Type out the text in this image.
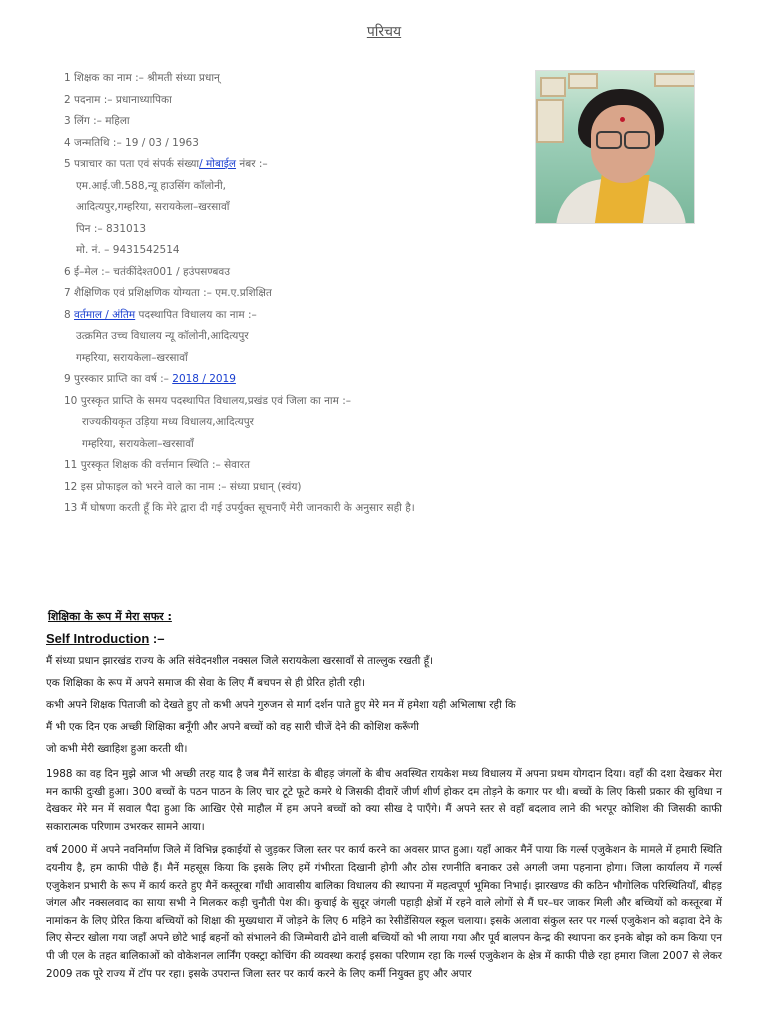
परिचय
1 शिक्षक का नाम :– श्रीमती संध्या प्रधान्
2 पदनाम :– प्रधानाध्यापिका
3 लिंग :– महिला
4 जन्मतिथि :– 19 / 03 / 1963
5 पत्राचार का पता एवं संपर्क संख्या/ मोबाईल नंबर :–
एम.आई.जी.588,न्यू हाउसिंग कॉलोनी,
आदित्यपुर,गम्हरिया, सरायकेला–खरसावाँ
पिन :– 831013
मो. नं. – 9431542514
6 ई–मेल :– चतंकींदेश्त001 / हउंपसण्बवउ
7 शैक्षिणिक एवं प्रशिक्षणिक योग्यता :– एम.ए.प्रशिक्षित
8 वर्तमाल / अंतिम पदस्थापित विधालय का नाम :–
उत्क्रमित उच्च विधालय न्यू कॉलोनी,आदित्यपुर
गम्हरिया, सरायकेला–खरसावाँ
9 पुरस्कार प्राप्ति का वर्ष :– 2018 / 2019
10 पुरस्कृत प्राप्ति के समय पदस्थापित विधालय,प्रखंड एवं जिला का नाम :–
राज्यकीयकृत उड़िया मध्य विधालय,आदित्यपुर
गम्हरिया, सरायकेला–खरसावाँ
11 पुरस्कृत शिक्षक की वर्त्तमान स्थिति :– सेवारत
12 इस प्रोफाइल को भरने वाले का नाम :– संध्या प्रधान् (स्वंय)
13 मैं घोषणा करती हूँ कि मेरे द्वारा दी गई उपर्युक्त सूचनाएँ मेरी जानकारी के अनुसार सही है।
शिक्षिका के रूप में मेरा सफर :
Self Introduction :–

मैं संध्या प्रधान झारखंड राज्य के अति संवेदनशील नक्सल जिले सरायकेला खरसावाँ से ताल्लुक रखती हूँ।

एक शिक्षिका के रूप में अपने समाज की सेवा के लिए मैं बचपन से ही प्रेरित होती रही।

कभी अपने शिक्षक पिताजी को देखते हुए तो कभी अपने गुरुजन से मार्ग दर्शन पाते हुए मेरे मन में हमेशा यही अभिलाषा रही कि

मैं भी एक दिन एक अच्छी शिक्षिका बनूँगी और अपने बच्चों को वह सारी चीजें देने की कोशिश करूँगी

जो कभी मेरी ख्वाहिश हुआ करती थी।

1988 का वह दिन मुझे आज भी अच्छी तरह याद है जब मैनें सारंडा के बीहड़ जंगलों के बीच अवस्थित रायकेश मध्य विधालय में अपना प्रथम योगदान दिया। वहाँ की दशा देखकर मेरा मन काफी दुःखी हुआ। 300 बच्चों के पठन पाठन के लिए चार टूटे फूटे कमरे थे जिसकी दीवारें जीर्ण शीर्ण होकर दम तोड़ने के कगार पर थी। बच्चों के लिए किसी प्रकार की सुविधा न देखकर मेरे मन में सवाल पैदा हुआ कि आखिर ऐसे माहौल में हम अपने बच्चों को क्या सीख दे पाएँगे। मैं अपने स्तर से वहाँ बदलाव लाने की भरपूर कोशिश की जिसकी काफी सकारात्मक परिणाम उभरकर सामने आया।

वर्ष 2000 में अपने नवनिर्माण जिले में विभिन्न इकाईयों से जुड़कर जिला स्तर पर कार्य करने का अवसर प्राप्त हुआ। यहाँ आकर मैनें पाया कि गर्ल्स एजुकेशन के मामले में हमारी स्थिति दयनीय है, हम काफी पीछे हैं। मैनें महसूस किया कि इसके लिए हमें गंभीरता दिखानी होगी और ठोस रणनीति बनाकर उसे अगली जमा पहनाना होगा। जिला कार्यालय में गर्ल्स एजुकेशन प्रभारी के रूप में कार्य करते हुए मैनें कस्तूरबा गाँधी आवासीय बालिका विधालय की स्थापना में महत्वपूर्ण भूमिका निभाई। झारखण्ड की कठिन भौगोलिक परिस्थितियाँ, बीहड़ जंगल और नक्सलवाद का साया सभी ने मिलकर कड़ी चुनौती पेश की। कुचाई के सुदूर जंगली पहाड़ी क्षेत्रों में रहने वाले लोगों से मैं घर–घर जाकर मिली और बच्चियों को कस्तूरबा में नामांकन के लिए प्रेरित किया बच्चियों को शिक्षा की मुख्यधारा में जोड़ने के लिए 6 महिने का रेसीडेंसियल स्कूल चलाया। इसके अलावा संकुल स्तर पर गर्ल्स एजुकेशन को बढ़ावा देने के लिए सेन्टर खोला गया जहाँ अपने छोटे भाई बहनों को संभालने की जिम्मेवारी ढोने वाली बच्चियों को भी लाया गया और पूर्व बालपन केन्द्र की स्थापना कर इनके बोझ को कम किया एन पी जी एल के तहत बालिकाओं को वोकेशनल लार्निंग एक्स्ट्रा कोचिंग की व्यवस्था कराई इसका परिणाम रहा कि गर्ल्स एजुकेशन के क्षेत्र में काफी पीछे रहा हमारा जिला 2007 से लेकर 2009 तक पूरे राज्य में टॉप पर रहा। इसके उपरान्त जिला स्तर पर कार्य करने के लिए कर्मी नियुक्त हुए और अपार
